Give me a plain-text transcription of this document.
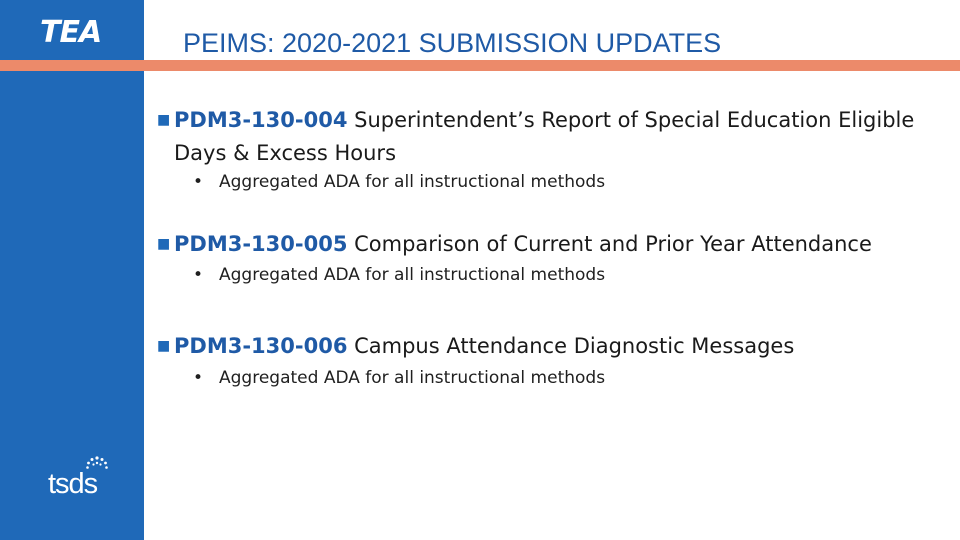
TEA	PEIMS: 2020-2021 SUBMISSION UPDATES
tsds
■ PDM3-130-004 Superintendent’s Report of Special Education Eligible Days & Excess Hours
• Aggregated ADA for all instructional methods
■ PDM3-130-005 Comparison of Current and Prior Year Attendance
• Aggregated ADA for all instructional methods
■ PDM3-130-006 Campus Attendance Diagnostic Messages
• Aggregated ADA for all instructional methods
